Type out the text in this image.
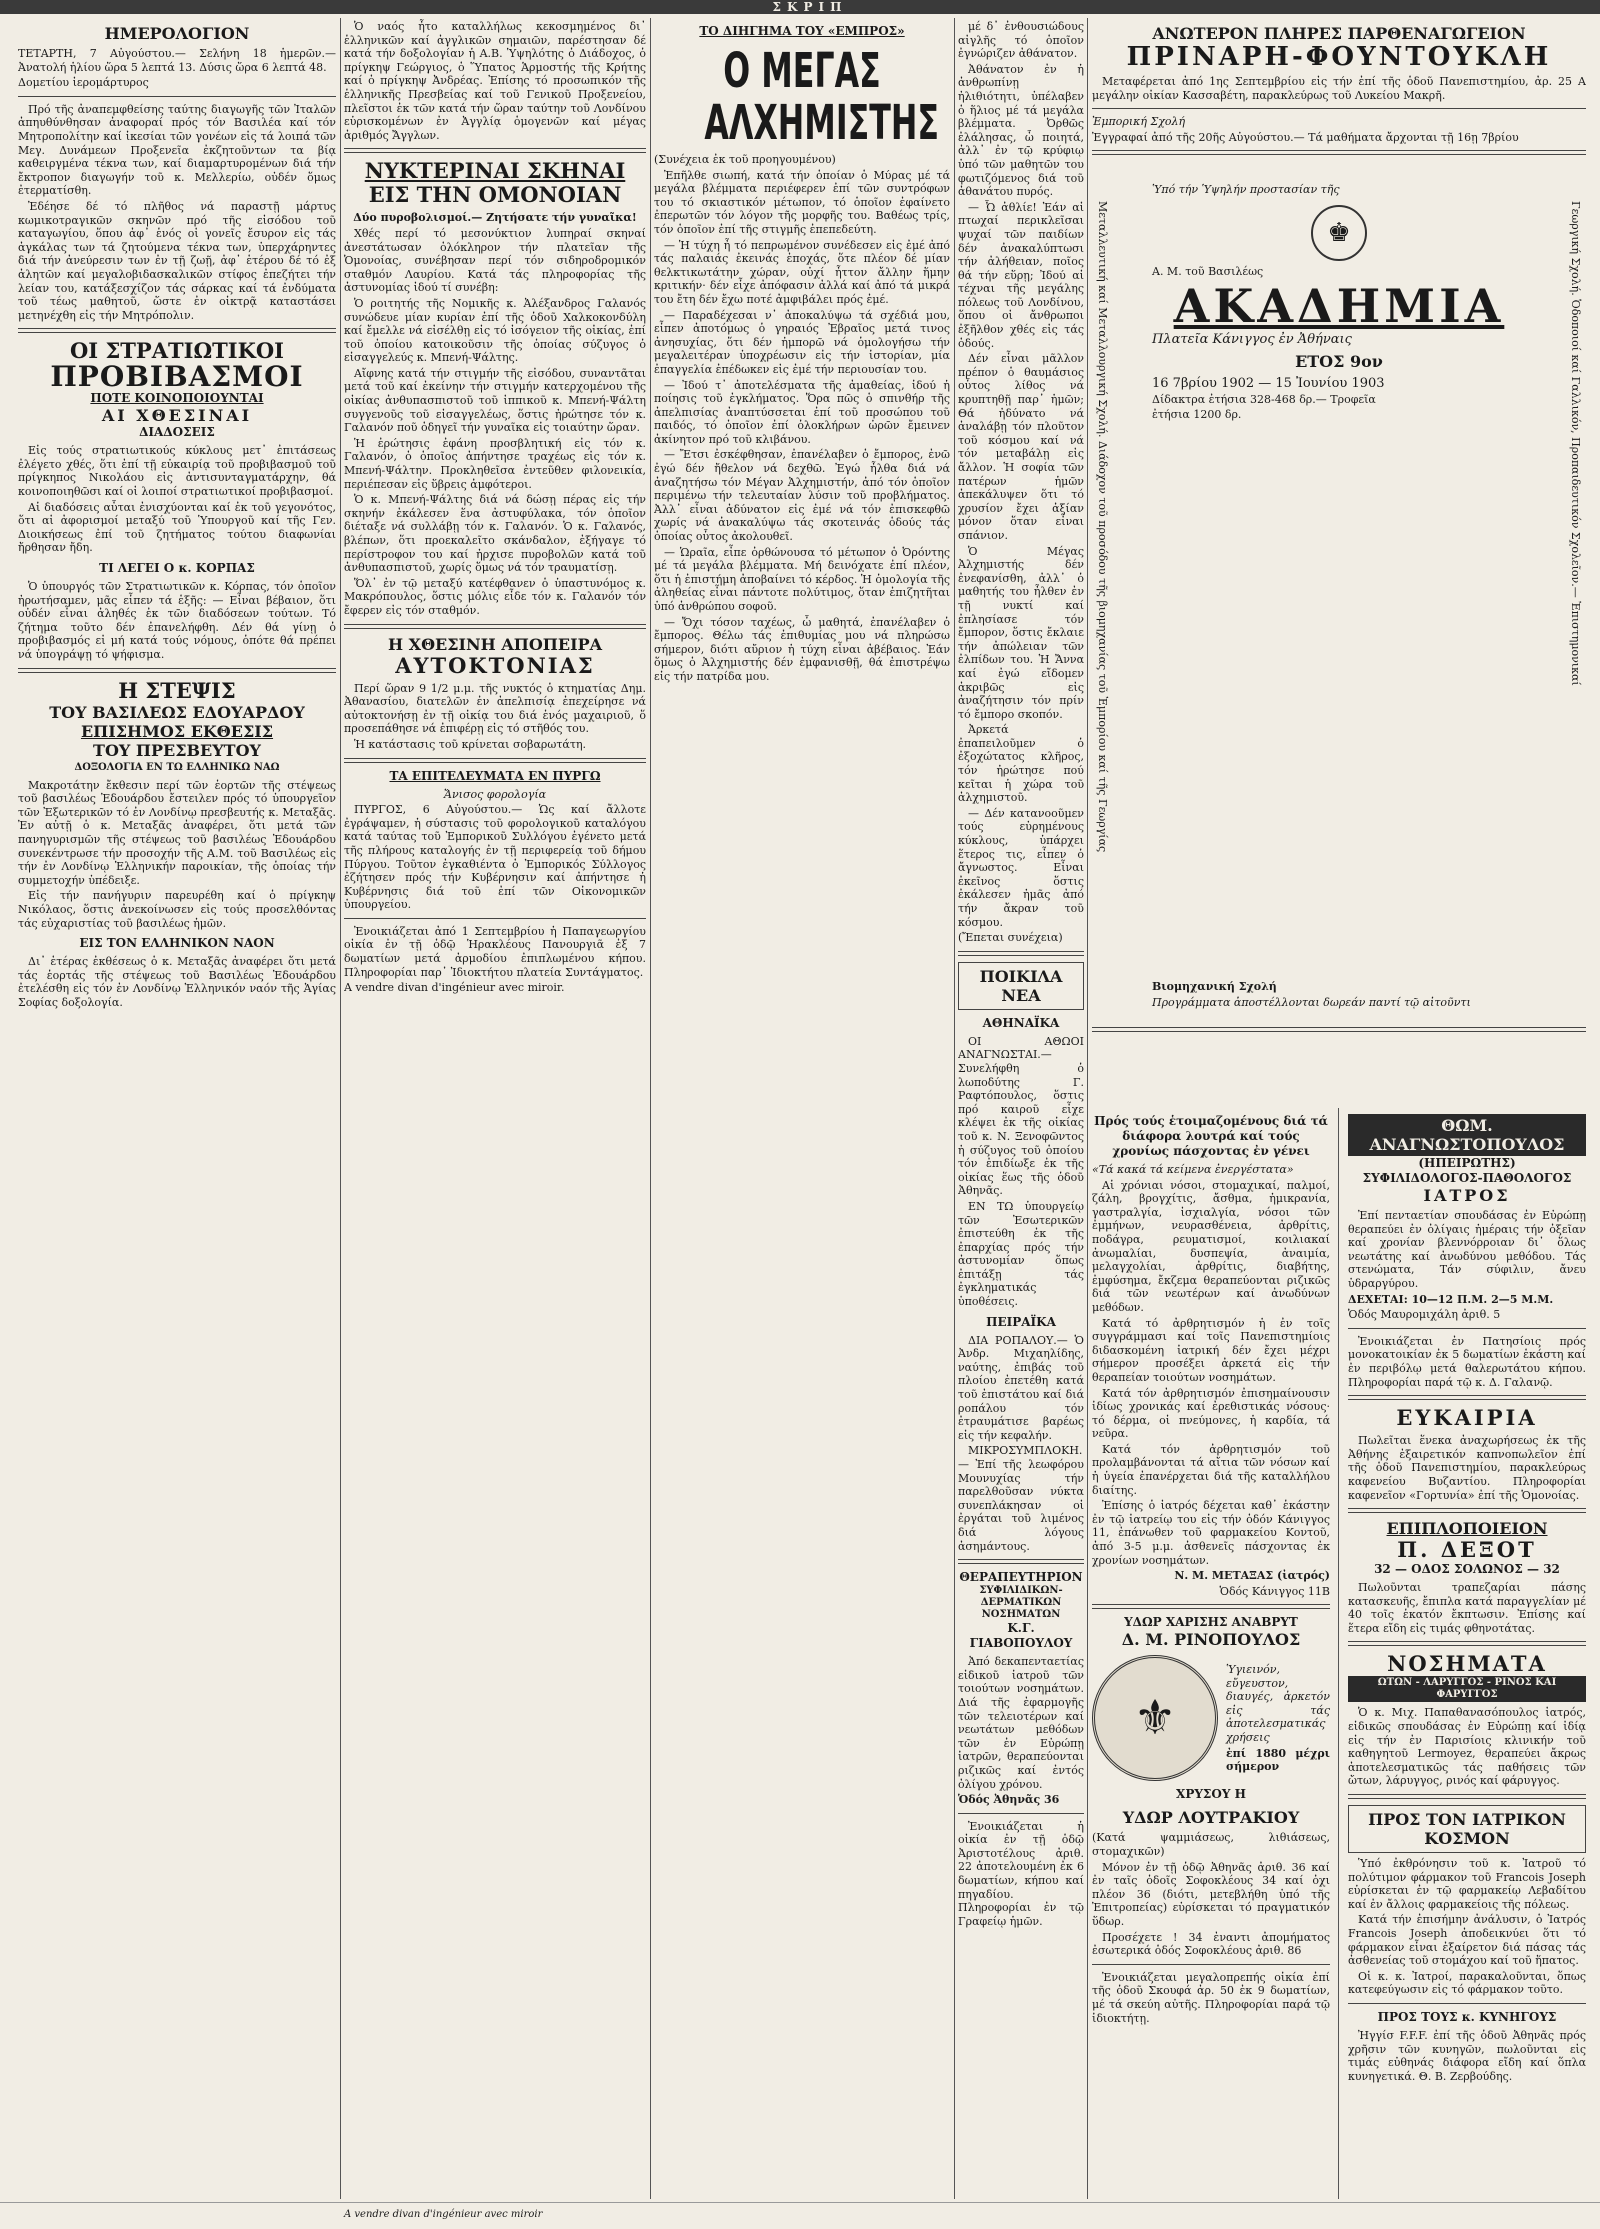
ΣΚΡΙΠ
ΗΜΕΡΟΛΟΓΙΟΝ

ΤΕΤΑΡΤΗ, 7 Αὐγούστου.— Σελήνη 18 ἡμερῶν.— Ἀνατολή ἡλίου ὥρα 5 λεπτά 13. Δύσις ὥρα 6 λεπτά 48.

Δομετίου ἱερομάρτυρος

Πρό τῆς ἀναπεμφθείσης ταύτης διαγωγῆς τῶν Ἰταλῶν ἀπηυθύνθησαν ἀναφοραί πρός τόν Βασιλέα καί τόν Μητροπολίτην καί ἱκεσίαι τῶν γονέων εἰς τά λοιπά τῶν Μεγ. Δυνάμεων Προξενεῖα ἐκζητοῦντων τα βίᾳ καθειργμένα τέκνα των, καί διαμαρτυρομένων διά τήν ἔκτροπον διαγωγήν τοῦ κ. Μελλερίω, οὐδέν ὅμως ἐτερματίσθη.

Ἐδέησε δέ τό πλῆθος νά παραστῇ μάρτυς κωμικοτραγικῶν σκηνῶν πρό τῆς εἰσόδου τοῦ καταγωγίου, ὅπου ἀφ᾽ ἑνός οἱ γονεῖς ἔσυρον εἰς τάς ἀγκάλας των τά ζητούμενα τέκνα των, ὑπερχάρηντες διά τήν ἀνεύρεσιν των ἐν τῇ ζωῇ, ἀφ᾽ ἑτέρου δέ τό ἐξ ἀλητῶν καί μεγαλοβιδασκαλικῶν στίφος ἐπεζήτει τήν λείαν του, κατάξεσχίζον τάς σάρκας καί τά ἐνδύματα τοῦ τέως μαθητοῦ, ὥστε ἐν οἰκτρᾷ καταστάσει μετηνέχθη εἰς τήν Μητρόπολιν.

ΟΙ ΣΤΡΑΤΙΩΤΙΚΟΙ
ΠΡΟΒΙΒΑΣΜΟΙ
ΠΟΤΕ ΚΟΙΝΟΠΟΙΟΥΝΤΑΙ
ΑΙ ΧΘΕΣΙΝΑΙ
ΔΙΑΔΟΣΕΙΣ

Εἰς τούς στρατιωτικούς κύκλους μετ᾽ ἐπιτάσεως ἐλέγετο χθές, ὅτι ἐπί τῇ εὐκαιρίᾳ τοῦ προβιβασμοῦ τοῦ πρίγκηπος Νικολάου εἰς ἀντισυνταγματάρχην, θά κοινοποιηθῶσι καί οἱ λοιποί στρατιωτικοί προβιβασμοί.

Αἱ διαδόσεις αὗται ἐνισχύονται καί ἐκ τοῦ γεγονότος, ὅτι αἱ ἀφορισμοί μεταξύ τοῦ Ὑπουργοῦ καί τῆς Γεν. Διοικήσεως ἐπί τοῦ ζητήματος τούτου διαφωνίαι ἤρθησαν ἤδη.

ΤΙ ΛΕΓΕΙ Ο κ. ΚΟΡΠΑΣ

Ὁ ὑπουργός τῶν Στρατιωτικῶν κ. Κόρπας, τόν ὁποῖον ἠρωτήσαμεν, μᾶς εἶπεν τά ἑξῆς: — Εἶναι βέβαιον, ὅτι οὐδέν εἶναι ἀληθές ἐκ τῶν διαδόσεων τούτων. Τό ζήτημα τοῦτο δέν ἐπανελήφθη. Δέν θά γίνῃ ὁ προβιβασμός εἰ μή κατά τούς νόμους, ὁπότε θά πρέπει νά ὑπογράψῃ τό ψήφισμα.

Η ΣΤΕΨΙΣ
ΤΟΥ ΒΑΣΙΛΕΩΣ ΕΔΟΥΑΡΔΟΥ
ΕΠΙΣΗΜΟΣ ΕΚΘΕΣΙΣ
ΤΟΥ ΠΡΕΣΒΕΥΤΟΥ
ΔΟΞΟΛΟΓΙΑ ΕΝ ΤΩ ΕΛΛΗΝΙΚΩ ΝΑΩ

Μακροτάτην ἔκθεσιν περί τῶν ἑορτῶν τῆς στέψεως τοῦ βασιλέως Ἐδουάρδου ἔστειλεν πρός τό ὑπουργεῖον τῶν Ἐξωτερικῶν τό ἐν Λονδίνῳ πρεσβευτής κ. Μεταξᾶς. Ἐν αὐτῇ ὁ κ. Μεταξᾶς ἀναφέρει, ὅτι μετά τῶν πανηγυρισμῶν τῆς στέψεως τοῦ βασιλέως Ἐδουάρδου συνεκέντρωσε τήν προσοχήν τῆς Α.Μ. τοῦ Βασιλέως εἰς τήν ἐν Λονδίνῳ Ἑλληνικήν παροικίαν, τῆς ὁποίας τήν συμμετοχήν ὑπέδειξε.

Εἰς τήν πανήγυριν παρευρέθη καί ὁ πρίγκηψ Νικόλαος, ὅστις ἀνεκοίνωσεν εἰς τούς προσελθόντας τάς εὐχαριστίας τοῦ βασιλέως ἡμῶν.

ΕΙΣ ΤΟΝ ΕΛΛΗΝΙΚΟΝ ΝΑΟΝ

Δι᾽ ἑτέρας ἐκθέσεως ὁ κ. Μεταξᾶς ἀναφέρει ὅτι μετά τάς ἑορτάς τῆς στέψεως τοῦ Βασιλέως Ἐδουάρδου ἐτελέσθη εἰς τόν ἐν Λονδίνῳ Ἑλληνικόν ναόν τῆς Ἁγίας Σοφίας δοξολογία.

Ὁ ναός ἦτο καταλλήλως κεκοσμημένος δι᾽ ἑλληνικῶν καί ἀγγλικῶν σημαιῶν, παρέστησαν δέ κατά τήν δοξολογίαν ἡ Α.Β. Ὑψηλότης ὁ Διάδοχος, ὁ πρίγκηψ Γεώργιος, ὁ Ὕπατος Ἁρμοστής τῆς Κρήτης καί ὁ πρίγκηψ Ἀνδρέας. Ἐπίσης τό προσωπικόν τῆς ἑλληνικῆς Πρεσβείας καί τοῦ Γενικοῦ Προξενείου, πλεῖστοι ἐκ τῶν κατά τήν ὥραν ταύτην τοῦ Λονδίνου εὑρισκομένων ἐν Ἀγγλίᾳ ὁμογενῶν καί μέγας ἀριθμός Ἄγγλων.

ΝΥΚΤΕΡΙΝΑΙ ΣΚΗΝΑΙ
ΕΙΣ ΤΗΝ ΟΜΟΝΟΙΑΝ

Δύο πυροβολισμοί.— Ζητήσατε τήν γυναῖκα!

Χθές περί τό μεσονύκτιον λυπηραί σκηναί ἀνεστάτωσαν ὁλόκληρον τήν πλατεῖαν τῆς Ὁμονοίας, συνέβησαν περί τόν σιδηροδρομικόν σταθμόν Λαυρίου. Κατά τάς πληροφορίας τῆς ἀστυνομίας ἰδού τί συνέβη:

Ὁ ροιτητής τῆς Νομικῆς κ. Ἀλέξανδρος Γαλανός συνώδευε μίαν κυρίαν ἐπί τῆς ὁδοῦ Χαλκοκονδύλη καί ἔμελλε νά εἰσέλθῃ εἰς τό ἰσόγειον τῆς οἰκίας, ἐπί τοῦ ὁποίου κατοικοῦσιν τῆς ὁποίας σύζυγος ὁ εἰσαγγελεύς κ. Μπενή-Ψάλτης.

Αἴφνης κατά τήν στιγμήν τῆς εἰσόδου, συναντᾶται μετά τοῦ καί ἐκείνην τήν στιγμήν κατερχομένου τῆς οἰκίας ἀνθυπασπιστοῦ τοῦ ἱππικοῦ κ. Μπενή-Ψάλτη συγγενοῦς τοῦ εἰσαγγελέως, ὅστις ἠρώτησε τόν κ. Γαλανόν ποῦ ὁδηγεῖ τήν γυναῖκα εἰς τοιαύτην ὥραν.

Ἡ ἐρώτησις ἐφάνη προσβλητική εἰς τόν κ. Γαλανόν, ὁ ὁποῖος ἀπήντησε τραχέως εἰς τόν κ. Μπενή-Ψάλτην. Προκληθεῖσα ἐντεῦθεν φιλονεικία, περιέπεσαν εἰς ὕβρεις ἀμφότεροι.

Ὁ κ. Μπενή-Ψάλτης διά νά δώσῃ πέρας εἰς τήν σκηνήν ἐκάλεσεν ἕνα ἀστυφύλακα, τόν ὁποῖον διέταξε νά συλλάβῃ τόν κ. Γαλανόν. Ὁ κ. Γαλανός, βλέπων, ὅτι προεκαλεῖτο σκάνδαλον, ἐξήγαγε τό περίστροφον του καί ἠρχισε πυροβολῶν κατά τοῦ ἀνθυπασπιστοῦ, χωρίς ὅμως νά τόν τραυματίσῃ.

Ὅλ᾽ ἐν τῷ μεταξύ κατέφθανεν ὁ ὑπαστυνόμος κ. Μακρόπουλος, ὅστις μόλις εἶδε τόν κ. Γαλανόν τόν ἔφερεν εἰς τόν σταθμόν.

Η ΧΘΕΣΙΝΗ ΑΠΟΠΕΙΡΑ
ΑΥΤΟΚΤΟΝΙΑΣ

Περί ὥραν 9 1/2 μ.μ. τῆς νυκτός ὁ κτηματίας Δημ. Ἀθανασίου, διατελῶν ἐν ἀπελπισίᾳ ἐπεχείρησε νά αὐτοκτονήσῃ ἐν τῇ οἰκίᾳ του διά ἑνός μαχαιριοῦ, ὅ προσεπάθησε νά ἐπιφέρῃ εἰς τό στῆθός του.

Ἡ κατάστασις τοῦ κρίνεται σοβαρωτάτη.

ΤΑ ΕΠΙΤΕΛΕΥΜΑΤΑ ΕΝ ΠΥΡΓΩ

Ἄνισος φορολογία

ΠΥΡΓΟΣ, 6 Αὐγούστου.— Ὡς καί ἄλλοτε ἐγράψαμεν, ἡ σύστασις τοῦ φορολογικοῦ καταλόγου κατά ταύτας τοῦ Ἐμπορικοῦ Συλλόγου ἐγένετο μετά τῆς πλήρους καταλογής ἐν τῇ περιφερείᾳ τοῦ δήμου Πύργου. Τοῦτον ἐγκαθιέντα ὁ Ἐμπορικός Σύλλογος ἐζήτησεν πρός τήν Κυβέρνησιν καί ἀπήντησε ἡ Κυβέρνησις διά τοῦ ἐπί τῶν Οἰκονομικῶν ὑπουργείου.

Ἐνοικιάζεται ἀπό 1 Σεπτεμβρίου ἡ Παπαγεωργίου οἰκία ἐν τῇ ὁδῷ Ἡρακλέους Πανουργιᾶ ἐξ 7 δωματίων μετά ἀρμοδίου ἐπιπλωμένου κήπου. Πληροφορίαι παρ᾽ Ἰδιοκτήτου πλατεία Συντάγματος.

A vendre divan d'ingénieur avec miroir.

ΤΟ ΔΙΗΓΗΜΑ ΤΟΥ «ΕΜΠΡΟΣ»
Ο ΜΕΓΑΣ ΑΛΧΗΜΙΣΤΗΣ

(Συνέχεια ἐκ τοῦ προηγουμένου)

Ἐπῆλθε σιωπή, κατά τήν ὁποίαν ὁ Μύρας μέ τά μεγάλα βλέμματα περιέφερεν ἐπί τῶν συντρόφων του τό σκιαστικόν μέτωπον, τό ὁποῖον ἐφαίνετο ἐπερωτῶν τόν λόγον τῆς μορφῆς του. Βαθέως τρίς, τόν ὁποῖον ἐπί τῆς στιγμῆς ἐπεπεδεύτη.

— Ἡ τύχη ἦ τό πεπρωμένον συνέδεσεν εἰς ἐμέ ἀπό τάς παλαιάς ἐκεινάς ἐποχάς, ὅτε πλέον δέ μίαν θελκτικωτάτην χώραν, οὐχί ἦττον ἄλλην ἥμην κριτικήν· δέν εἶχε ἀπόφασιν ἀλλά καί ἀπό τά μικρά του ἔτη δέν ἔχω ποτέ ἀμφιβάλει πρός ἐμέ.

— Παραδέχεσαι ν᾽ ἀποκαλύψω τά σχέδιά μου, εἶπεν ἀποτόμως ὁ γηραιός Ἐβραῖος μετά τινος ἀνησυχίας, ὅτι δέν ἠμπορῶ νά ὁμολογήσω τήν μεγαλειτέραν ὑποχρέωσιν εἰς τήν ἱστορίαν, μία ἐπαγγελία ἐπέδωκεν εἰς ἐμέ τήν περιουσίαν του.

— Ἰδού τ᾽ ἀποτελέσματα τῆς ἀμαθείας, ἰδού ἡ ποίησις τοῦ ἐγκλήματος. Ὅρα πῶς ὁ σπινθήρ τῆς ἀπελπισίας ἀναπτύσσεται ἐπί τοῦ προσώπου τοῦ παιδός, τό ὁποῖον ἐπί ὁλοκλήρων ὡρῶν ἔμεινεν ἀκίνητον πρό τοῦ κλιβάνου.

— Ἔτσι ἐσκέφθησαν, ἐπανέλαβεν ὁ ἔμπορος, ἐνῶ ἐγώ δέν ἤθελον νά δεχθῶ. Ἐγώ ἦλθα διά νά ἀναζητήσω τόν Μέγαν Ἀλχημιστήν, ἀπό τόν ὁποῖον περιμένω τήν τελευταίαν λύσιν τοῦ προβλήματος. Ἀλλ᾽ εἶναι ἀδύνατον εἰς ἐμέ νά τόν ἐπισκεφθῶ χωρίς νά ἀνακαλύψω τάς σκοτεινάς ὁδούς τάς ὁποίας οὗτος ἀκολουθεῖ.

— Ὡραῖα, εἶπε ὀρθώνουσα τό μέτωπον ὁ Ὀρόντης μέ τά μεγάλα βλέμματα. Μή δεινόχατε ἐπί πλέον, ὅτι ἡ ἐπιστήμη ἀποβαίνει τό κέρδος. Ἡ ὁμολογία τῆς ἀληθείας εἶναι πάντοτε πολύτιμος, ὅταν ἐπιζητῆται ὑπό ἀνθρώπου σοφοῦ.

— Ὄχι τόσον ταχέως, ὦ μαθητά, ἐπανέλαβεν ὁ ἔμπορος. Θέλω τάς ἐπιθυμίας μου νά πληρώσω σήμερον, διότι αὔριον ἡ τύχη εἶναι ἀβέβαιος. Ἐάν ὅμως ὁ Ἀλχημιστής δέν ἐμφανισθῇ, θά ἐπιστρέψω εἰς τήν πατρίδα μου.

μέ δ᾽ ἐνθουσιώδους αἰγλῆς τό ὁποῖον ἐγνώριζεν ἀθάνατον.

Ἀθάνατον ἐν ἡ ἀνθρωπίνῃ ἠλιθιότητι, ὑπέλαβεν ὁ ἥλιος μέ τά μεγάλα βλέμματα. Ὀρθῶς ἐλάλησας, ὦ ποιητά, ἀλλ᾽ ἐν τῷ κρύφιῳ ὑπό τῶν μαθητῶν του φωτιζόμενος διά τοῦ ἀθανάτου πυρός.

— Ὦ ἀθλίε! Ἐάν αἱ πτωχαί περικλεῖσαι ψυχαί τῶν παιδίων δέν ἀνακαλύπτωσι τήν ἀλήθειαν, ποῖος θά τήν εὕρῃ; Ἰδού αἱ τέχναι τῆς μεγάλης πόλεως τοῦ Λονδίνου, ὅπου οἱ ἄνθρωποι ἐξῆλθον χθές εἰς τάς ὁδούς.

Δέν εἶναι μᾶλλον πρέπον ὁ θαυμάσιος οὗτος λίθος νά κρυπτηθῇ παρ᾽ ἡμῶν; Θά ἠδύνατο νά ἀναλάβῃ τόν πλοῦτον τοῦ κόσμου καί νά τόν μεταβάλῃ εἰς ἄλλον. Ἡ σοφία τῶν πατέρων ἡμῶν ἀπεκάλυψεν ὅτι τό χρυσίον ἔχει ἀξίαν μόνον ὅταν εἶναι σπάνιον.

Ὁ Μέγας Ἀλχημιστής δέν ἐνεφανίσθη, ἀλλ᾽ ὁ μαθητής του ἦλθεν ἐν τῇ νυκτί καί ἐπλησίασε τόν ἔμπορον, ὅστις ἔκλαιε τήν ἀπώλειαν τῶν ἐλπίδων του. Ἡ Ἄννα καί ἐγώ εἴδομεν ἀκριβῶς εἰς ἀναζήτησιν τόν πρίν τό ἔμπορο σκοπόν.

Ἀρκετά ἐπαπειλοῦμεν ὁ ἐξοχώτατος κλῆρος, τόν ἠρώτησε πού κεῖται ἡ χώρα τοῦ ἀλχημιστοῦ.

— Δέν κατανοοῦμεν τούς εὑρημένους κύκλους, ὑπάρχει ἕτερος τις, εἶπεν ὁ ἄγνωστος. Εἶναι ἐκεῖνος ὅστις ἐκάλεσεν ἡμᾶς ἀπό τήν ἄκραν τοῦ κόσμου.

(Ἔπεται συνέχεια)

ΠΟΙΚΙΛΑ ΝΕΑ
ΑΘΗΝΑΪΚΑ

ΟΙ ΑΘΩΟΙ ΑΝΑΓΝΩΣΤΑΙ.— Συνελήφθη ὁ λωποδύτης Γ. Ραφτόπουλος, ὅστις πρό καιροῦ εἶχε κλέψει ἐκ τῆς οἰκίας τοῦ κ. Ν. Ξενοφῶντος ἡ σύζυγος τοῦ ὁποίου τόν ἐπιδίωξε ἐκ τῆς οἰκίας ἕως τῆς ὁδοῦ Ἀθηνᾶς.

ΕΝ ΤΩ ὑπουργείῳ τῶν Ἐσωτερικῶν ἐπιστεύθη ἐκ τῆς ἐπαρχίας πρός τήν ἀστυνομίαν ὅπως ἐπιτάξῃ τάς ἐγκληματικάς ὑποθέσεις.

ΠΕΙΡΑΪΚΑ

ΔΙΑ ΡΟΠΑΛΟΥ.— Ὁ Ἀνδρ. Μιχαηλίδης, ναύτης, ἐπιβάς τοῦ πλοίου ἐπετέθη κατά τοῦ ἐπιστάτου καί διά ροπάλου τόν ἐτραυμάτισε βαρέως εἰς τήν κεφαλήν.

ΜΙΚΡΟΣΥΜΠΛΟΚΗ.— Ἐπί τῆς λεωφόρου Μουνυχίας τήν παρελθοῦσαν νύκτα συνεπλάκησαν οἱ ἐργάται τοῦ λιμένος διά λόγους ἀσημάντους.

ΘΕΡΑΠΕΥΤΗΡΙΟΝ
ΣΥΦΙΛΙΔΙΚΩΝ-ΔΕΡΜΑΤΙΚΩΝ ΝΟΣΗΜΑΤΩΝ
Κ.Γ. ΓΙΑΒΟΠΟΥΛΟΥ

Ἀπό δεκαπενταετίας εἰδικοῦ ἰατροῦ τῶν τοιούτων νοσημάτων. Διά τῆς ἐφαρμογῆς τῶν τελειοτέρων καί νεωτάτων μεθόδων τῶν ἐν Εὐρώπῃ ἰατρῶν, θεραπεύονται ριζικῶς καί ἐντός ὀλίγου χρόνου.

Ὁδός Ἀθηνᾶς 36

Ἐνοικιάζεται ἡ οἰκία ἐν τῇ ὁδῷ Ἀριστοτέλους ἀριθ. 22 ἀποτελουμένη ἐκ 6 δωματίων, κήπου καί πηγαδίου. Πληροφορίαι ἐν τῷ Γραφείῳ ἡμῶν.

ΑΝΩΤΕΡΟΝ ΠΛΗΡΕΣ ΠΑΡΘΕΝΑΓΩΓΕΙΟΝ
ΠΡΙΝΑΡΗ-ΦΟΥΝΤΟΥΚΛΗ

Μεταφέρεται ἀπό 1ης Σεπτεμβρίου εἰς τήν ἐπί τῆς ὁδοῦ Πανεπιστημίου, ἀρ. 25 Α μεγάλην οἰκίαν Κασσαβέτη, παρακλεύρως τοῦ Λυκείου Μακρῆ.

Ἐμπορική Σχολή

Ἐγγραφαί ἀπό τῆς 20ῆς Αὐγούστου.— Τά μαθήματα ἄρχονται τῇ 16ῃ 7βρίου

Μεταλλευτική καί Μεταλλουργική Σχολή. Διάδοχον τοῦ προσόδου τῆς βιομηχανίας τοῦ Ἐμπορίου καί τῆς Γεωργίας	Γεωργική Σχολή. Ὁδοποιοί καί Γαλλικόν, Προπαιδευτικόν Σχολεῖον.— Ἐπιστημονικαί

Ὑπό τήν Ὑψηλήν προστασίαν τῆς

♚

Α. Μ. τοῦ Βασιλέως

ΑΚΑΔΗΜΙΑ

Πλατεῖα Κάνιγγος ἐν Ἀθήναις

ΕΤΟΣ 9ον

16 7βρίου 1902 — 15 Ἰουνίου 1903

Δίδακτρα ἐτήσια 328-468 δρ.— Τροφεῖα

ἐτήσια 1200 δρ.

Βιομηχανική Σχολή

Προγράμματα ἀποστέλλονται δωρεάν παντί τῷ αἰτοῦντι

Πρός τούς ἑτοιμαζομένους διά τά διάφορα λουτρά καί τούς χρονίως πάσχοντας ἐν γένει

«Τά κακά τά κείμενα ἐνεργέστατα»

Αἱ χρόνιαι νόσοι, στομαχικαί, παλμοί, ζάλη, βρογχίτις, ἄσθμα, ἡμικρανία, γαστραλγία, ἰσχιαλγία, νόσοι τῶν ἐμμήνων, νευρασθένεια, ἀρθρίτις, ποδάγρα, ρευματισμοί, κοιλιακαί ἀνωμαλίαι, δυσπεψία, ἀναιμία, μελαγχολίαι, ἀρθρίτις, διαβήτης, ἐμφύσημα, ἔκζεμα θεραπεύονται ριζικῶς διά τῶν νεωτέρων καί ἀνωδύνων μεθόδων.

Κατά τό ἀρθρητισμόν ἡ ἐν τοῖς συγγράμμασι καί τοῖς Πανεπιστημίοις διδασκομένη ἰατρική δέν ἔχει μέχρι σήμερον προσέξει ἀρκετά εἰς τήν θεραπείαν τοιούτων νοσημάτων.

Κατά τόν ἀρθρητισμόν ἐπισημαίνουσιν ἰδίως χρονικάς καί ἐρεθιστικάς νόσους· τό δέρμα, οἱ πνεύμονες, ἡ καρδία, τά νεῦρα.

Κατά τόν ἀρθρητισμόν τοῦ προλαμβάνονται τά αἴτια τῶν νόσων καί ἡ ὑγεία ἐπανέρχεται διά τῆς καταλλήλου διαίτης.

Ἐπίσης ὁ ἰατρός δέχεται καθ᾽ ἑκάστην ἐν τῷ ἰατρείῳ του εἰς τήν ὁδόν Κάνιγγος 11, ἐπάνωθεν τοῦ φαρμακείου Κοντοῦ, ἀπό 3-5 μ.μ. ἀσθενεῖς πάσχοντας ἐκ χρονίων νοσημάτων.

Ν. Μ. ΜΕΤΑΞΑΣ (ἰατρός)

Ὁδός Κάνιγγος 11Β

ΥΔΩΡ ΧΑΡΙΣΗΣ ΑΝΑΒΡΥΤ
Δ. Μ. ΡΙΝΟΠΟΥΛΟΣ
⚜

Ὑγιεινόν, εὔγευστον, διαυγές, ἀρκετόν εἰς τάς ἀποτελεσματικάς χρήσεις

ἐπί 1880 μέχρι σήμερον

ΧΡΥΣΟΥ Η
ΥΔΩΡ ΛΟΥΤΡΑΚΙΟΥ

(Κατά ψαμμιάσεως, λιθιάσεως, στομαχικῶν)

Μόνον ἐν τῇ ὁδῷ Ἀθηνᾶς ἀριθ. 36 καί ἐν ταῖς ὁδοῖς Σοφοκλέους 34 καί ὀχι πλέον 36 (διότι, μετεβλήθη ὑπό τῆς Ἐπιτροπείας) εὑρίσκεται τό πραγματικόν ὕδωρ.

Προσέχετε ! 34 ἐναντι ἀπομήματος ἐσωτερικά ὁδός Σοφοκλέους ἀριθ. 86

Ἐνοικιάζεται μεγαλοπρεπής οἰκία ἐπί τῆς ὁδοῦ Σκουφά ἀρ. 50 ἐκ 9 δωματίων, μέ τά σκεύη αὐτῆς. Πληροφορίαι παρά τῷ ἰδιοκτήτῃ.

ΘΩΜ. ΑΝΑΓΝΩΣΤΟΠΟΥΛΟΣ
(ΗΠΕΙΡΩΤΗΣ)
ΣΥΦΙΛΙΔΟΛΟΓΟΣ-ΠΑΘΟΛΟΓΟΣ
ΙΑΤΡΟΣ

Ἐπί πενταετίαν σπουδάσας ἐν Εὐρώπῃ θεραπεύει ἐν ὀλίγαις ἡμέραις τήν ὀξεῖαν καί χρονίαν βλεννόρροιαν δι᾽ ὅλως νεωτάτης καί ἀνωδύνου μεθόδου. Τάς στενώματα, Τάν σύφιλιν, ἄνευ ὑδραργύρου.

ΔΕΧΕΤΑΙ: 10—12 Π.Μ. 2—5 Μ.Μ.

Ὁδός Μαυρομιχάλη ἀριθ. 5

Ἐνοικιάζεται ἐν Πατησίοις πρός μονοκατοικίαν ἐκ 5 δωματίων ἑκάστη καί ἐν περιβόλῳ μετά θαλερωτάτου κήπου. Πληροφορίαι παρά τῷ κ. Δ. Γαλανῷ.

ΕΥΚΑΙΡΙΑ

Πωλεῖται ἕνεκα ἀναχωρήσεως ἐκ τῆς Ἀθήνης ἐξαιρετικόν καπνοπωλεῖον ἐπί τῆς ὁδοῦ Πανεπιστημίου, παρακλεύρως καφενείου Βυζαντίου. Πληροφορίαι καφενεῖον «Γορτυνία» ἐπί τῆς Ὁμονοίας.

ΕΠΙΠΛΟΠΟΙΕΙΟΝ
Π. ΔΕΞΟΤ
32 — ΟΔΟΣ ΣΟΛΩΝΟΣ — 32

Πωλοῦνται τραπεζαρίαι πάσης κατασκευῆς, ἔπιπλα κατά παραγγελίαν μέ 40 τοῖς ἑκατόν ἔκπτωσιν. Ἐπίσης καί ἕτερα εἴδη εἰς τιμάς φθηνοτάτας.

ΝΟΣΗΜΑΤΑ
ΩΤΩΝ - ΛΑΡΥΓΓΟΣ - ΡΙΝΟΣ ΚΑΙ ΦΑΡΥΓΓΟΣ

Ὁ κ. Μιχ. Παπαθανασόπουλος ἰατρός, εἰδικῶς σπουδάσας ἐν Εὐρώπῃ καί ἰδίᾳ εἰς τήν ἐν Παρισίοις κλινικήν τοῦ καθηγητοῦ Lermoyez, θεραπεύει ἄκρως ἀποτελεσματικῶς τάς παθήσεις τῶν ὤτων, λάρυγγος, ρινός καί φάρυγγος.

ΠΡΟΣ ΤΟΝ ΙΑΤΡΙΚΟΝ ΚΟΣΜΟΝ

Ὑπό ἐκθρόνησιν τοῦ κ. Ἰατροῦ τό πολύτιμον φάρμακον τοῦ Francois Joseph εὑρίσκεται ἐν τῷ φαρμακείῳ Λεβαδίτου καί ἐν ἄλλοις φαρμακείοις τῆς πόλεως.

Κατά τήν ἐπισήμην ἀνάλυσιν, ὁ Ἰατρός Francois Joseph ἀποδεικνύει ὅτι τό φάρμακον εἶναι ἐξαίρετον διά πάσας τάς ἀσθενείας τοῦ στομάχου καί τοῦ ἥπατος.

Οἱ κ. κ. Ἰατροί, παρακαλοῦνται, ὅπως κατεφεύγωσιν εἰς τό φάρμακον τοῦτο.

ΠΡΟΣ ΤΟΥΣ κ. ΚΥΝΗΓΟΥΣ

Ἠγγίσ F.F.F. ἐπί τῆς ὁδοῦ Ἀθηνᾶς πρός χρῆσιν τῶν κυνηγῶν, πωλοῦνται εἰς τιμάς εὐθηνάς διάφορα εἴδη καί ὅπλα κυνηγετικά. Θ. Β. Ζερβούδης.

A vendre divan d'ingénieur avec miroir
